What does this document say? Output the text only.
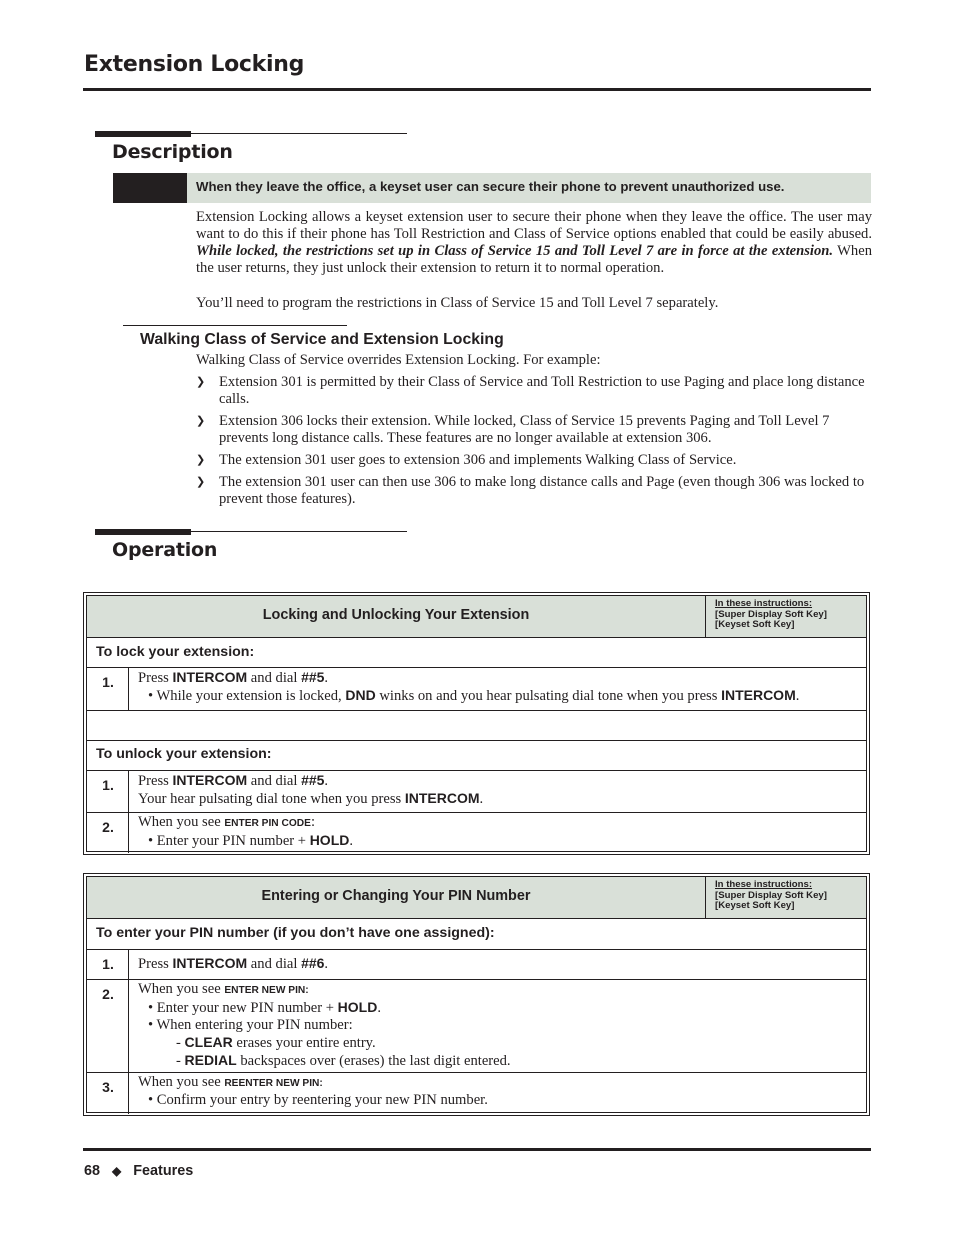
Extension Locking
Description
When they leave the office, a keyset user can secure their phone to prevent unauthorized use.
Extension Locking allows a keyset extension user to secure their phone when they leave the office. The user may want to do this if their phone has Toll Restriction and Class of Service options enabled that could be easily abused. While locked, the restrictions set up in Class of Service 15 and Toll Level 7 are in force at the extension. When the user returns, they just unlock their extension to return it to normal operation.
You’ll need to program the restrictions in Class of Service 15 and Toll Level 7 separately.
Walking Class of Service and Extension Locking
Walking Class of Service overrides Extension Locking. For example:
❯ Extension 301 is permitted by their Class of Service and Toll Restriction to use Paging and place long distance calls.
❯ Extension 306 locks their extension. While locked, Class of Service 15 prevents Paging and Toll Level 7 prevents long distance calls. These features are no longer available at extension 306.
❯ The extension 301 user goes to extension 306 and implements Walking Class of Service.
❯ The extension 301 user can then use 306 to make long distance calls and Page (even though 306 was locked to prevent those features).
Operation
Locking and Unlocking Your Extension
In these instructions:
[Super Display Soft Key]
[Keyset Soft Key]
To lock your extension:
1.	Press INTERCOM and dial ##5.
• While your extension is locked, DND winks on and you hear pulsating dial tone when you press INTERCOM.
To unlock your extension:
1.	Press INTERCOM and dial ##5.
Your hear pulsating dial tone when you press INTERCOM.
2.	When you see ENTER PIN CODE:
• Enter your PIN number + HOLD.
Entering or Changing Your PIN Number
In these instructions:
[Super Display Soft Key]
[Keyset Soft Key]
To enter your PIN number (if you don’t have one assigned):
1.	Press INTERCOM and dial ##6.
2.	When you see ENTER NEW PIN:
• Enter your new PIN number + HOLD.
• When entering your PIN number:
- CLEAR erases your entire entry.
- REDIAL backspaces over (erases) the last digit entered.
3.	When you see REENTER NEW PIN:
• Confirm your entry by reentering your new PIN number.
68 ◆ Features
